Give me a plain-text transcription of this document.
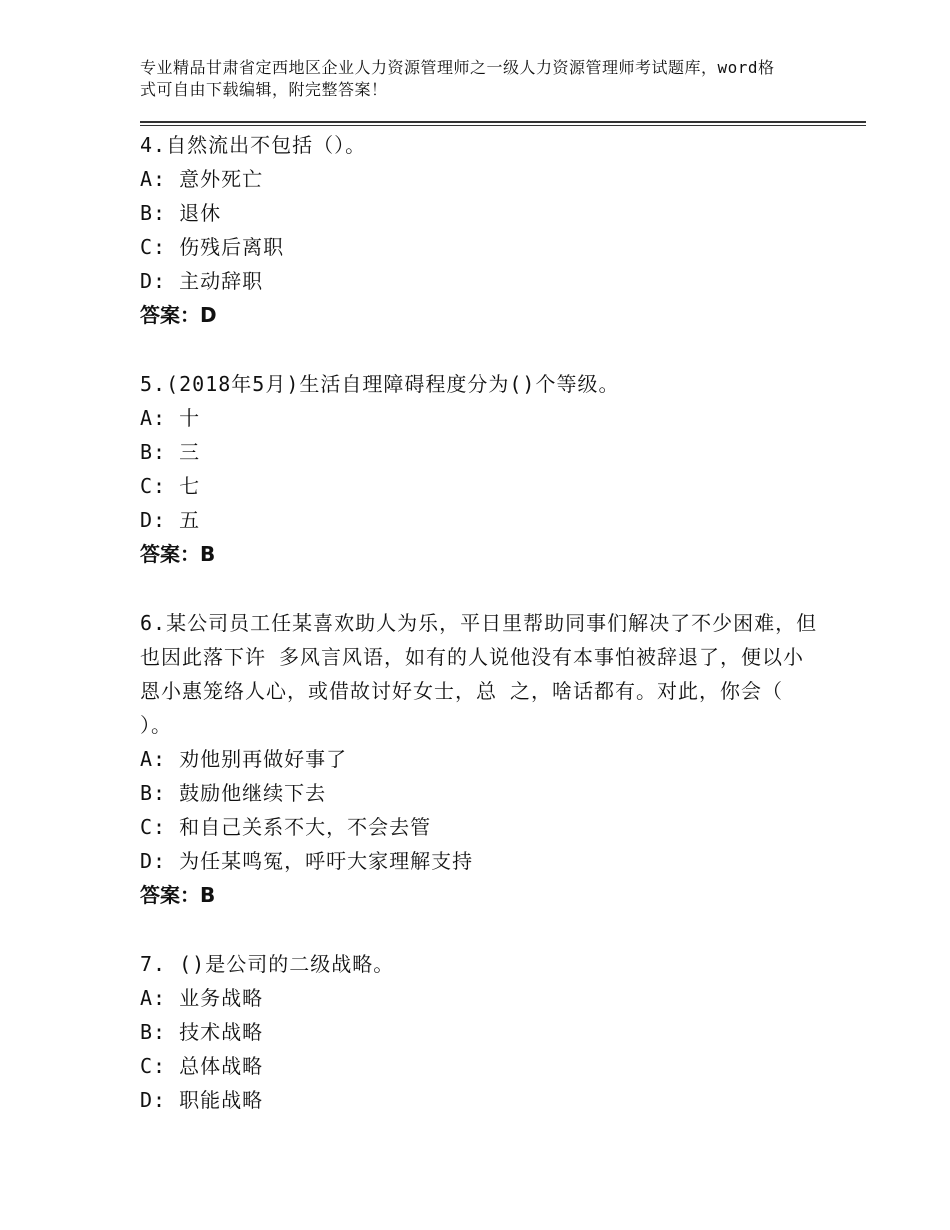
专业精品甘肃省定西地区企业人力资源管理师之一级人力资源管理师考试题库，word格式可自由下载编辑，附完整答案！
4.自然流出不包括（）。
A: 意外死亡
B: 退休
C: 伤残后离职
D: 主动辞职
答案：D
5.(2018年5月)生活自理障碍程度分为()个等级。
A: 十
B: 三
C: 七
D: 五
答案：B
6.某公司员工任某喜欢助人为乐，平日里帮助同事们解决了不少困难，但也因此落下许 多风言风语，如有的人说他没有本事怕被辞退了，便以小恩小惠笼络人心，或借故讨好女士，总 之，啥话都有。对此，你会（ ）。
A: 劝他别再做好事了
B: 鼓励他继续下去
C: 和自己关系不大，不会去管
D: 为任某鸣冤，呼吁大家理解支持
答案：B
7. ()是公司的二级战略。
A: 业务战略
B: 技术战略
C: 总体战略
D: 职能战略
